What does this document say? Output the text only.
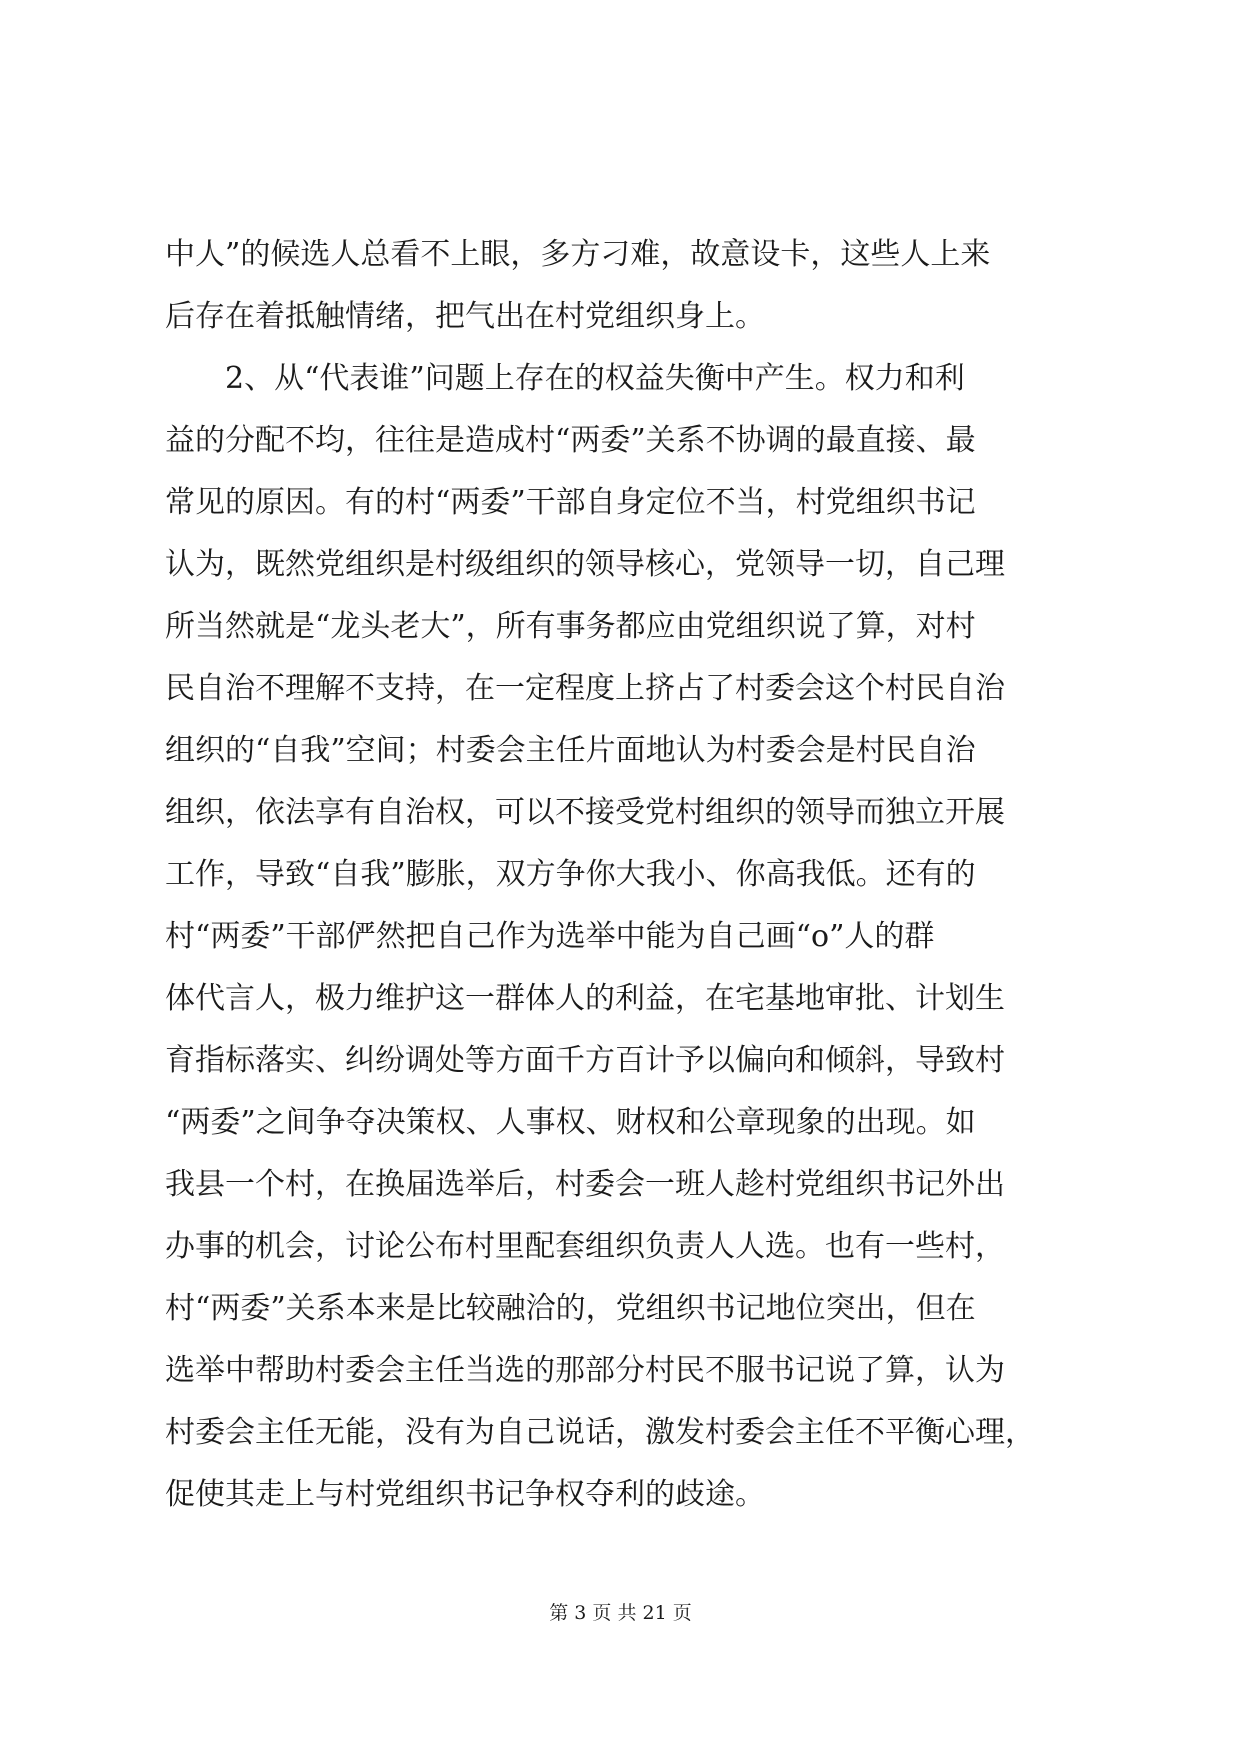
中人”的候选人总看不上眼，多方刁难，故意设卡，这些人上来
后存在着抵触情绪，把气出在村党组织身上。
　　2、从“代表谁”问题上存在的权益失衡中产生。权力和利
益的分配不均，往往是造成村“两委”关系不协调的最直接、最
常见的原因。有的村“两委”干部自身定位不当，村党组织书记
认为，既然党组织是村级组织的领导核心，党领导一切，自己理
所当然就是“龙头老大”，所有事务都应由党组织说了算，对村
民自治不理解不支持，在一定程度上挤占了村委会这个村民自治
组织的“自我”空间；村委会主任片面地认为村委会是村民自治
组织，依法享有自治权，可以不接受党村组织的领导而独立开展
工作，导致“自我”膨胀，双方争你大我小、你高我低。还有的
村“两委”干部俨然把自己作为选举中能为自己画“o”人的群
体代言人，极力维护这一群体人的利益，在宅基地审批、计划生
育指标落实、纠纷调处等方面千方百计予以偏向和倾斜，导致村
“两委”之间争夺决策权、人事权、财权和公章现象的出现。如
我县一个村，在换届选举后，村委会一班人趁村党组织书记外出
办事的机会，讨论公布村里配套组织负责人人选。也有一些村，
村“两委”关系本来是比较融洽的，党组织书记地位突出，但在
选举中帮助村委会主任当选的那部分村民不服书记说了算，认为
村委会主任无能，没有为自己说话，激发村委会主任不平衡心理，
促使其走上与村党组织书记争权夺利的歧途。
第 3 页 共 21 页
